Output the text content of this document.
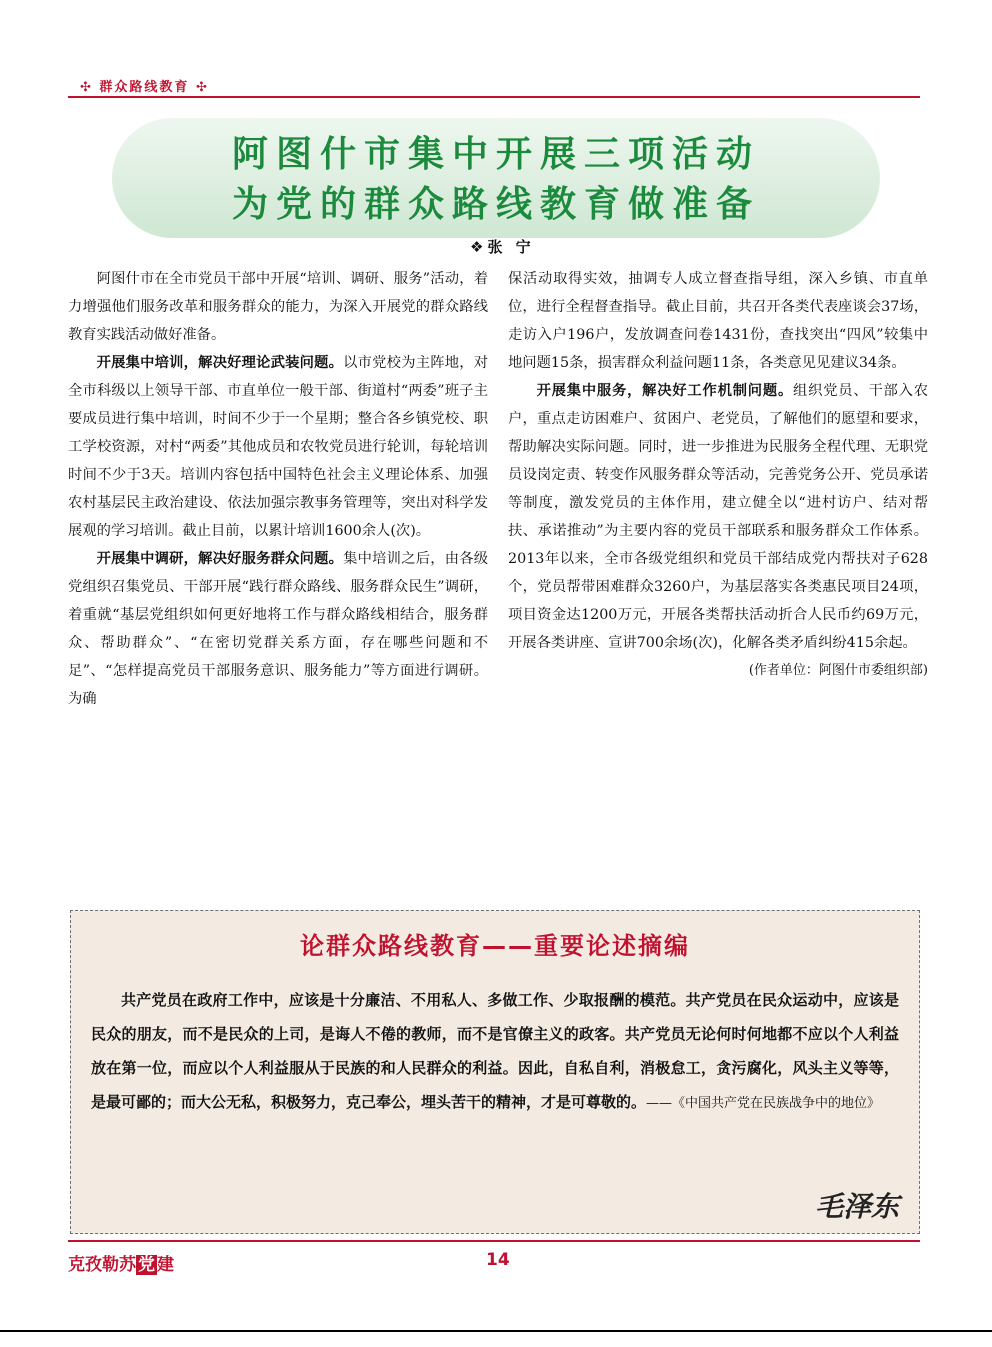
✣ 群众路线教育 ✣
阿图什市集中开展三项活动
为党的群众路线教育做准备
❖张 宁

阿图什市在全市党员干部中开展“培训、调研、服务”活动，着力增强他们服务改革和服务群众的能力，为深入开展党的群众路线教育实践活动做好准备。

开展集中培训，解决好理论武装问题。以市党校为主阵地，对全市科级以上领导干部、市直单位一般干部、街道村“两委”班子主要成员进行集中培训，时间不少于一个星期；整合各乡镇党校、职工学校资源，对村“两委”其他成员和农牧党员进行轮训，每轮培训时间不少于3天。培训内容包括中国特色社会主义理论体系、加强农村基层民主政治建设、依法加强宗教事务管理等，突出对科学发展观的学习培训。截止目前，以累计培训1600余人(次)。

开展集中调研，解决好服务群众问题。集中培训之后，由各级党组织召集党员、干部开展“践行群众路线、服务群众民生”调研，着重就“基层党组织如何更好地将工作与群众路线相结合，服务群众、帮助群众”、“在密切党群关系方面，存在哪些问题和不足”、“怎样提高党员干部服务意识、服务能力”等方面进行调研。为确

保活动取得实效，抽调专人成立督查指导组，深入乡镇、市直单位，进行全程督查指导。截止目前，共召开各类代表座谈会37场，走访入户196户，发放调查问卷1431份，查找突出“四风”较集中地问题15条，损害群众利益问题11条，各类意见见建议34条。

开展集中服务，解决好工作机制问题。组织党员、干部入农户，重点走访困难户、贫困户、老党员，了解他们的愿望和要求，帮助解决实际问题。同时，进一步推进为民服务全程代理、无职党员设岗定责、转变作风服务群众等活动，完善党务公开、党员承诺等制度，激发党员的主体作用，建立健全以“进村访户、结对帮扶、承诺推动”为主要内容的党员干部联系和服务群众工作体系。2013年以来，全市各级党组织和党员干部结成党内帮扶对子628个，党员帮带困难群众3260户，为基层落实各类惠民项目24项，项目资金达1200万元，开展各类帮扶活动折合人民币约69万元，开展各类讲座、宣讲700余场(次)，化解各类矛盾纠纷415余起。

(作者单位：阿图什市委组织部)

论群众路线教育——重要论述摘编
共产党员在政府工作中，应该是十分廉洁、不用私人、多做工作、少取报酬的模范。共产党员在民众运动中，应该是民众的朋友，而不是民众的上司，是诲人不倦的教师，而不是官僚主义的政客。共产党员无论何时何地都不应以个人利益放在第一位，而应以个人利益服从于民族的和人民群众的利益。因此，自私自利，消极怠工，贪污腐化，风头主义等等，是最可鄙的；而大公无私，积极努力，克己奉公，埋头苦干的精神，才是可尊敬的。——《中国共产党在民族战争中的地位》
毛泽东
克孜勒苏 党 建	14
